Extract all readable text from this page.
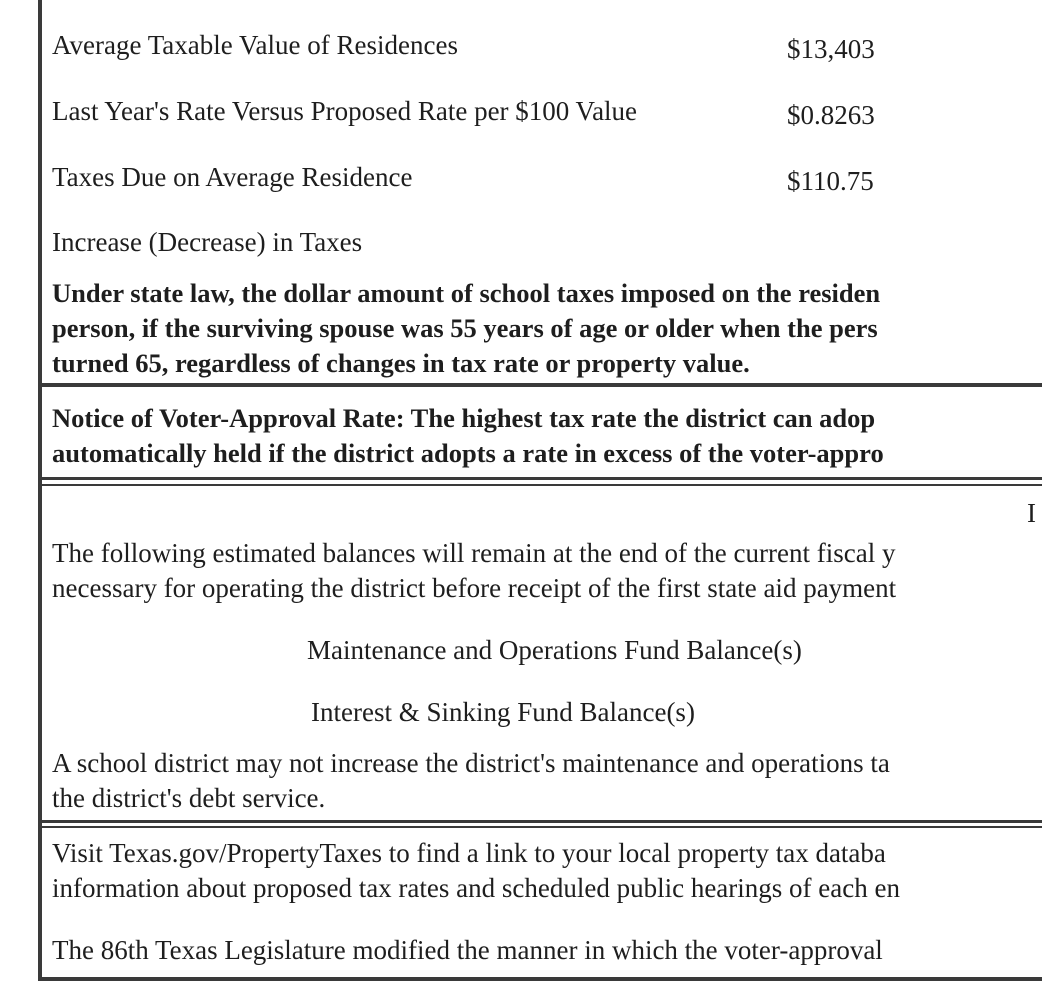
Average Taxable Value of Residences	$13,403
Last Year's Rate Versus Proposed Rate per $100 Value	$0.8263
Taxes Due on Average Residence	$110.75
Increase (Decrease) in Taxes
Under state law, the dollar amount of school taxes imposed on the residen
person, if the surviving spouse was 55 years of age or older when the pers
turned 65, regardless of changes in tax rate or property value.
Notice of Voter-Approval Rate: The highest tax rate the district can adop
automatically held if the district adopts a rate in excess of the voter-appro
I
The following estimated balances will remain at the end of the current fiscal y
necessary for operating the district before receipt of the first state aid payment
Maintenance and Operations Fund Balance(s)
Interest & Sinking Fund Balance(s)
A school district may not increase the district's maintenance and operations ta
the district's debt service.
Visit Texas.gov/PropertyTaxes to find a link to your local property tax databa
information about proposed tax rates and scheduled public hearings of each en
The 86th Texas Legislature modified the manner in which the voter-approval
